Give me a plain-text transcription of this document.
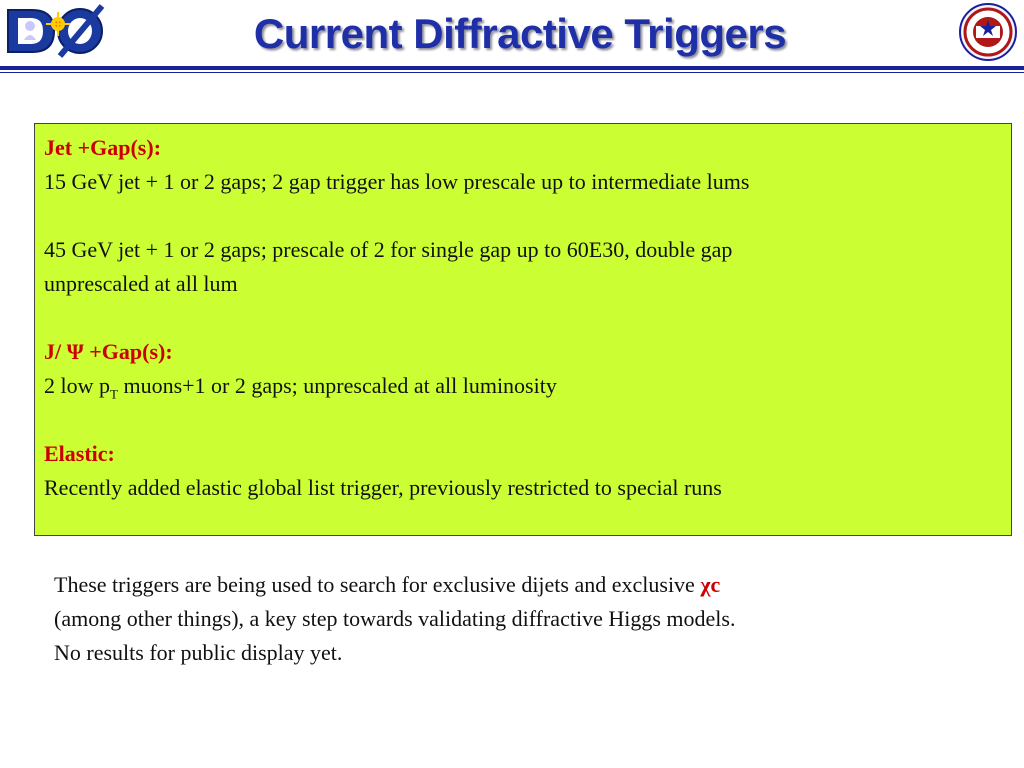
Current Diffractive Triggers
Jet +Gap(s):
15 GeV jet + 1 or 2 gaps; 2 gap trigger has low prescale up to intermediate lums
45 GeV jet + 1 or 2 gaps; prescale of 2 for single gap up to 60E30, double gap
unprescaled at all lum
J/ Ψ +Gap(s):
2 low $p_T$ muons+1 or 2 gaps; unprescaled at all luminosity
Elastic:
Recently added elastic global list trigger, previously restricted to special runs
These triggers are being used to search for exclusive dijets and exclusive χc
(among other things), a key step towards validating diffractive Higgs models.
No results for public display yet.
